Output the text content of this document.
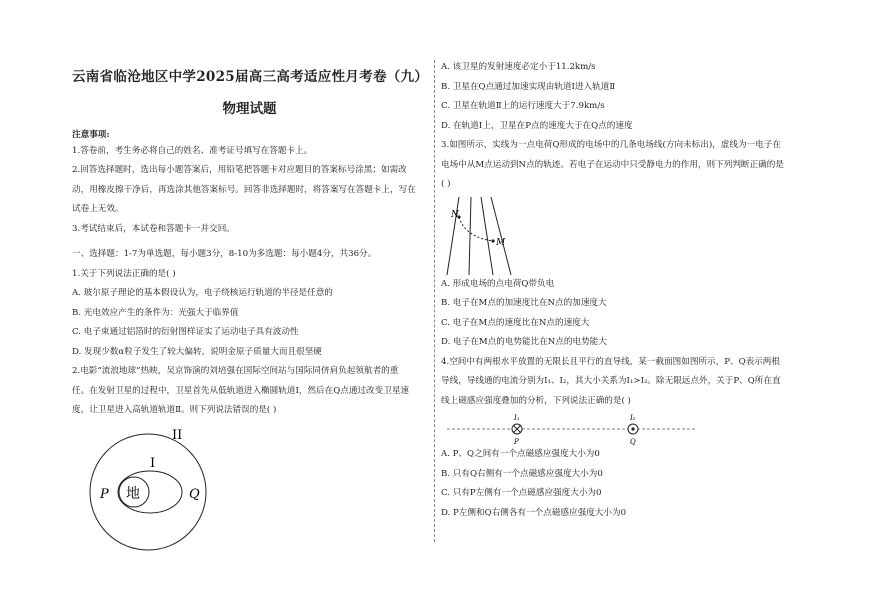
云南省临沧地区中学2025届高三高考适应性月考卷（九）
物理试题
注意事项:
1.答卷前，考生务必将自己的姓名、准考证号填写在答题卡上。
2.回答选择题时，选出每小题答案后，用铅笔把答题卡对应题目的答案标号涂黑；如需改
动，用橡皮擦干净后，再选涂其他答案标号。回答非选择题时，将答案写在答题卡上，写在
试卷上无效。
3.考试结束后，本试卷和答题卡一并交回。
一、选择题：1-7为单选题，每小题3分，8-10为多选题：每小题4分，共36分。
1.关于下列说法正确的是( )
A. 玻尔原子理论的基本假设认为，电子绕核运行轨道的半径是任意的
B. 光电效应产生的条件为：光强大于临界值
C. 电子束通过铝箔时的衍射图样证实了运动电子具有波动性
D. 发现少数α粒子发生了较大偏转，说明金原子质量大而且很坚硬
2.电影“流浪地球”热映，吴京饰演的刘培强在国际空间站与国际同侪肩负起领航者的重
任。在发射卫星的过程中，卫星首先从低轨道进入椭圆轨道Ⅰ，然后在Q点通过改变卫星速
度，让卫星进入高轨道轨道Ⅱ。则下列说法错误的是( )
地
II
I
P	Q
A. 该卫星的发射速度必定小于11.2km/s
B. 卫星在Q点通过加速实现由轨道Ⅰ进入轨道Ⅱ
C. 卫星在轨道Ⅱ上的运行速度大于7.9km/s
D. 在轨道Ⅰ上，卫星在P点的速度大于在Q点的速度
3.如图所示，实线为一点电荷Q形成的电场中的几条电场线(方向未标出)，虚线为一电子在
电场中从M点运动到N点的轨迹。若电子在运动中只受静电力的作用，则下列判断正确的是
( )
N
M
A. 形成电场的点电荷Q带负电
B. 电子在M点的加速度比在N点的加速度大
C. 电子在M点的速度比在N点的速度大
D. 电子在M点的电势能比在N点的电势能大
4.空间中有两根水平放置的无限长且平行的直导线，某一截面图如图所示，P、Q表示两根
导线，导线通的电流分别为I₁、I₂，其大小关系为I₁>I₂。除无限远点外，关于P、Q所在直
线上磁感应强度叠加的分析，下列说法正确的是( )
I₁	I₂
P	Q
A. P、Q之间有一个点磁感应强度大小为0
B. 只有Q右侧有一个点磁感应强度大小为0
C. 只有P左侧有一个点磁感应强度大小为0
D. P左侧和Q右侧各有一个点磁感应强度大小为0
